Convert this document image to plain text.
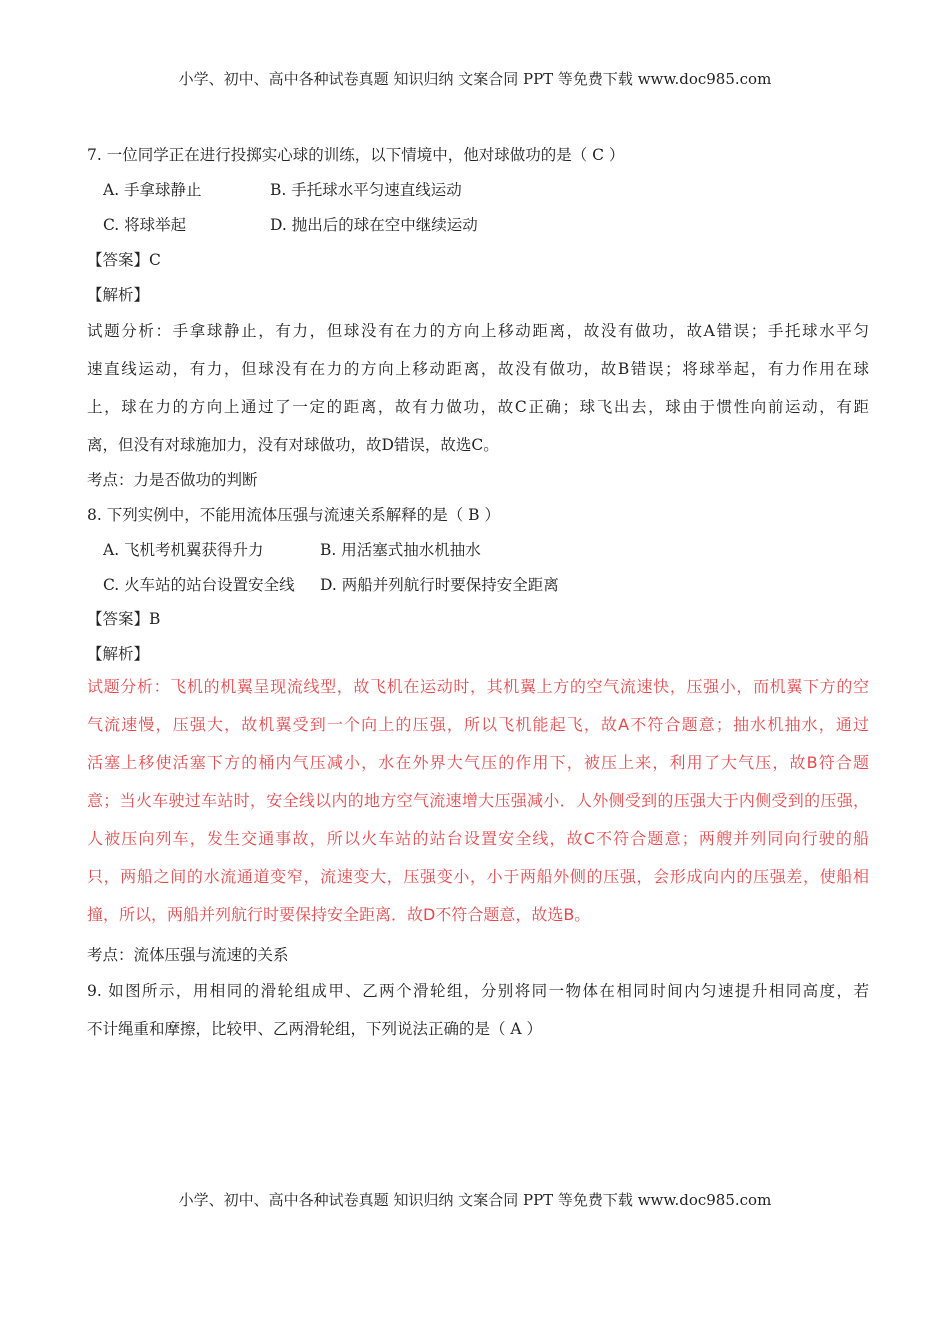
小学、初中、高中各种试卷真题 知识归纳 文案合同 PPT 等免费下载 www.doc985.com
7. 一位同学正在进行投掷实心球的训练，以下情境中，他对球做功的是（ C ）
A. 手拿球静止	B. 手托球水平匀速直线运动
C. 将球举起	D. 抛出后的球在空中继续运动
【答案】C
【解析】
试题分析：手拿球静止，有力，但球没有在力的方向上移动距离，故没有做功，故A错误；手托球水平匀
速直线运动，有力，但球没有在力的方向上移动距离，故没有做功，故B错误；将球举起，有力作用在球
上，球在力的方向上通过了一定的距离，故有力做功，故C正确；球飞出去，球由于惯性向前运动，有距
离，但没有对球施加力，没有对球做功，故D错误，故选C。
考点：力是否做功的判断
8. 下列实例中，不能用流体压强与流速关系解释的是（ B ）
A. 飞机考机翼获得升力	B. 用活塞式抽水机抽水
C. 火车站的站台设置安全线 D. 两船并列航行时要保持安全距离
【答案】B
【解析】
试题分析：飞机的机翼呈现流线型，故飞机在运动时，其机翼上方的空气流速快，压强小，而机翼下方的空
气流速慢，压强大，故机翼受到一个向上的压强，所以飞机能起飞，故A不符合题意；抽水机抽水，通过
活塞上移使活塞下方的桶内气压减小，水在外界大气压的作用下，被压上来，利用了大气压，故B符合题
意；当火车驶过车站时，安全线以内的地方空气流速增大压强减小．人外侧受到的压强大于内侧受到的压强，
人被压向列车，发生交通事故，所以火车站的站台设置安全线，故C不符合题意；两艘并列同向行驶的船
只，两船之间的水流通道变窄，流速变大，压强变小，小于两船外侧的压强，会形成向内的压强差，使船相
撞，所以，两船并列航行时要保持安全距离．故D不符合题意，故选B。
考点：流体压强与流速的关系
9. 如图所示，用相同的滑轮组成甲、乙两个滑轮组，分别将同一物体在相同时间内匀速提升相同高度，若
不计绳重和摩擦，比较甲、乙两滑轮组，下列说法正确的是（ A ）
小学、初中、高中各种试卷真题 知识归纳 文案合同 PPT 等免费下载 www.doc985.com
